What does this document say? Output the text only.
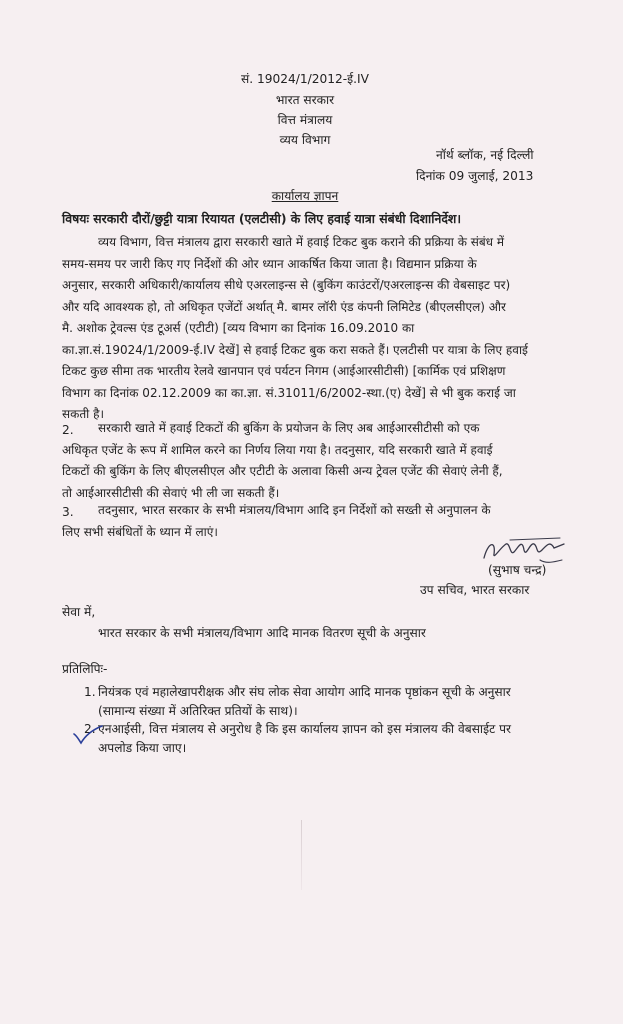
सं. 19024/1/2012-ई.IV
भारत सरकार
वित्त मंत्रालय
व्यय विभाग
नॉर्थ ब्लॉक, नई दिल्ली
दिनांक 09 जुलाई, 2013
कार्यालय ज्ञापन
विषयः सरकारी दौरों/छुट्टी यात्रा रियायत (एलटीसी) के लिए हवाई यात्रा संबंधी दिशानिर्देश।
व्यय विभाग, वित्त मंत्रालय द्वारा सरकारी खाते में हवाई टिकट बुक कराने की प्रक्रिया के संबंध में
समय-समय पर जारी किए गए निर्देशों की ओर ध्यान आकर्षित किया जाता है। विद्यमान प्रक्रिया के
अनुसार, सरकारी अधिकारी/कार्यालय सीधे एअरलाइन्स से (बुकिंग काउंटरों/एअरलाइन्स की वेबसाइट पर)
और यदि आवश्यक हो, तो अधिकृत एजेंटों अर्थात् मै. बामर लॉरी एंड कंपनी लिमिटेड (बीएलसीएल) और
मै. अशोक ट्रेवल्स एंड टूअर्स (एटीटी) [व्यय विभाग का दिनांक 16.09.2010 का
का.ज्ञा.सं.19024/1/2009-ई.IV देखें] से हवाई टिकट बुक करा सकते हैं। एलटीसी पर यात्रा के लिए हवाई
टिकट कुछ सीमा तक भारतीय रेलवे खानपान एवं पर्यटन निगम (आईआरसीटीसी) [कार्मिक एवं प्रशिक्षण
विभाग का दिनांक 02.12.2009 का का.ज्ञा. सं.31011/6/2002-स्था.(ए) देखें] से भी बुक कराई जा
सकती है।
2.	सरकारी खाते में हवाई टिकटों की बुकिंग के प्रयोजन के लिए अब आईआरसीटीसी को एक
अधिकृत एजेंट के रूप में शामिल करने का निर्णय लिया गया है। तदनुसार, यदि सरकारी खाते में हवाई
टिकटों की बुकिंग के लिए बीएलसीएल और एटीटी के अलावा किसी अन्य ट्रेवल एजेंट की सेवाएं लेनी हैं,
तो आईआरसीटीसी की सेवाएं भी ली जा सकती हैं।
3.	तदनुसार, भारत सरकार के सभी मंत्रालय/विभाग आदि इन निर्देशों को सख्ती से अनुपालन के
लिए सभी संबंधितों के ध्यान में लाएं।
(सुभाष चन्द्र)
उप सचिव, भारत सरकार
सेवा में,
भारत सरकार के सभी मंत्रालय/विभाग आदि मानक वितरण सूची के अनुसार
प्रतिलिपिः-
1. नियंत्रक एवं महालेखापरीक्षक और संघ लोक सेवा आयोग आदि मानक पृष्ठांकन सूची के अनुसार
(सामान्य संख्या में अतिरिक्त प्रतियों के साथ)।
2. एनआईसी, वित्त मंत्रालय से अनुरोध है कि इस कार्यालय ज्ञापन को इस मंत्रालय की वेबसाईट पर
अपलोड किया जाए।
